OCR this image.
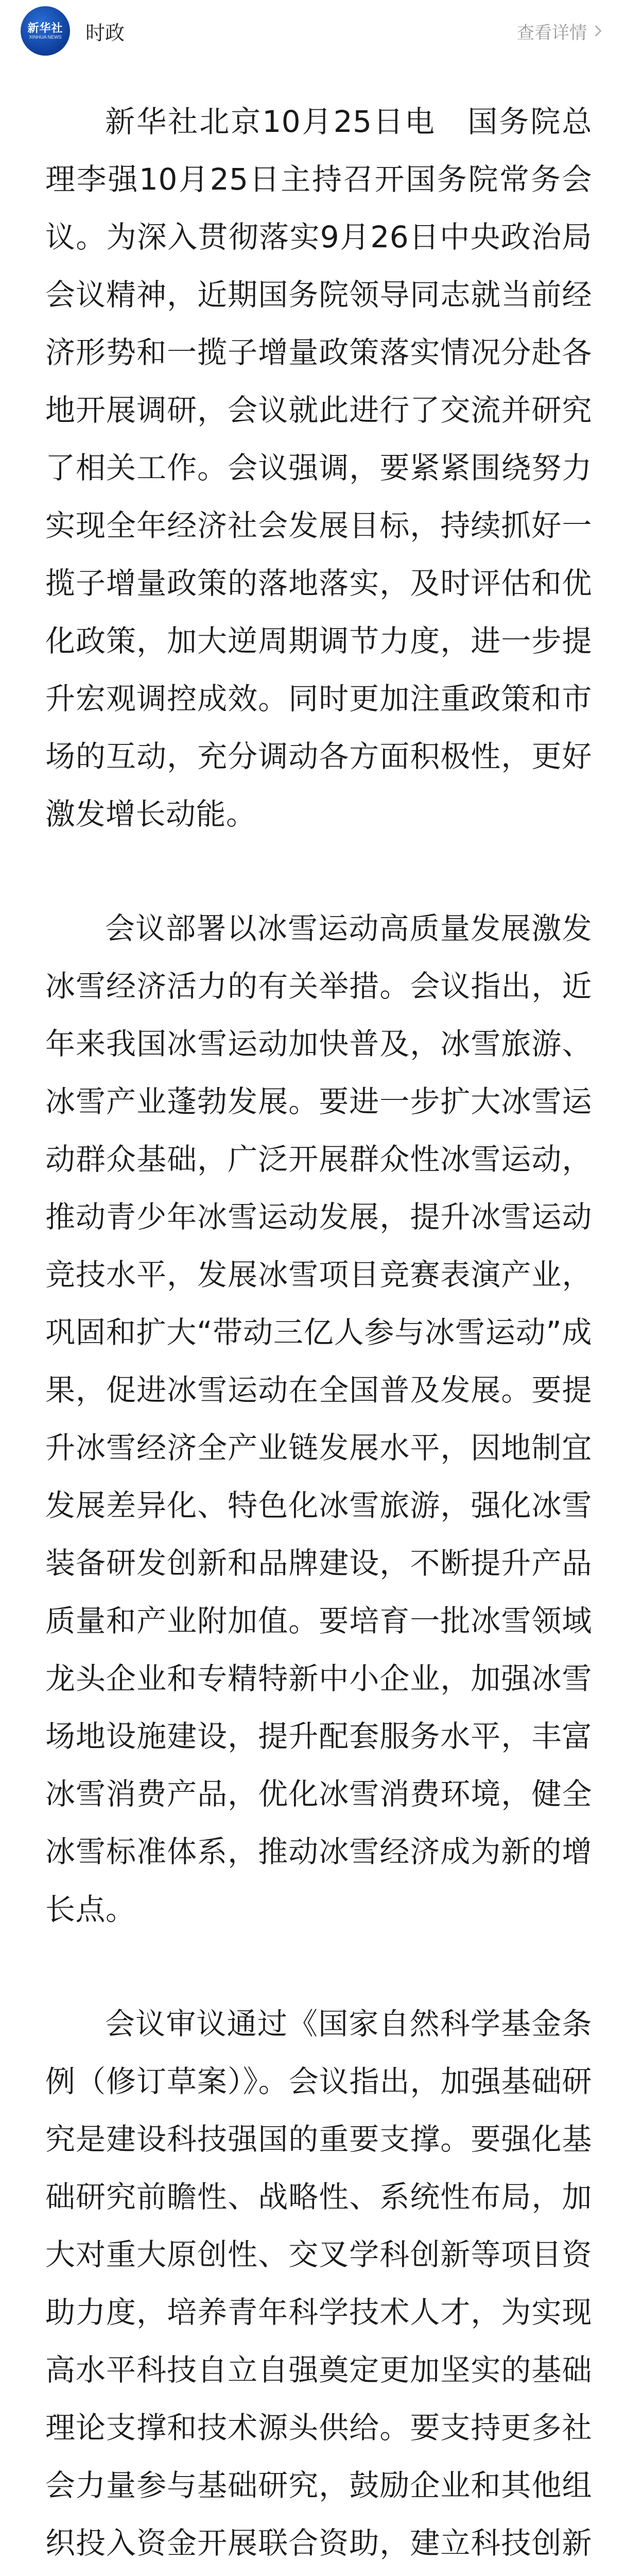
新华社
XINHUA NEWS 时政	查看详情

新华社北京10月25日电　国务院总理李强10月25日主持召开国务院常务会议。为深入贯彻落实9月26日中央政治局会议精神，近期国务院领导同志就当前经济形势和一揽子增量政策落实情况分赴各地开展调研，会议就此进行了交流并研究了相关工作。会议强调，要紧紧围绕努力实现全年经济社会发展目标，持续抓好一揽子增量政策的落地落实，及时评估和优化政策，加大逆周期调节力度，进一步提升宏观调控成效。同时更加注重政策和市场的互动，充分调动各方面积极性，更好激发增长动能。

会议部署以冰雪运动高质量发展激发冰雪经济活力的有关举措。会议指出，近年来我国冰雪运动加快普及，冰雪旅游、冰雪产业蓬勃发展。要进一步扩大冰雪运动群众基础，广泛开展群众性冰雪运动，推动青少年冰雪运动发展，提升冰雪运动竞技水平，发展冰雪项目竞赛表演产业，巩固和扩大“带动三亿人参与冰雪运动”成果，促进冰雪运动在全国普及发展。要提升冰雪经济全产业链发展水平，因地制宜发展差异化、特色化冰雪旅游，强化冰雪装备研发创新和品牌建设，不断提升产品质量和产业附加值。要培育一批冰雪领域龙头企业和专精特新中小企业，加强冰雪场地设施建设，提升配套服务水平，丰富冰雪消费产品，优化冰雪消费环境，健全冰雪标准体系，推动冰雪经济成为新的增长点。

会议审议通过《国家自然科学基金条例（修订草案）》。会议指出，加强基础研究是建设科技强国的重要支撑。要强化基础研究前瞻性、战略性、系统性布局，加大对重大原创性、交叉学科创新等项目资助力度，培养青年科学技术人才，为实现高水平科技自立自强奠定更加坚实的基础理论支撑和技术源头供给。要支持更多社会力量参与基础研究，鼓励企业和其他组织投入资金开展联合资助，建立科技创新
